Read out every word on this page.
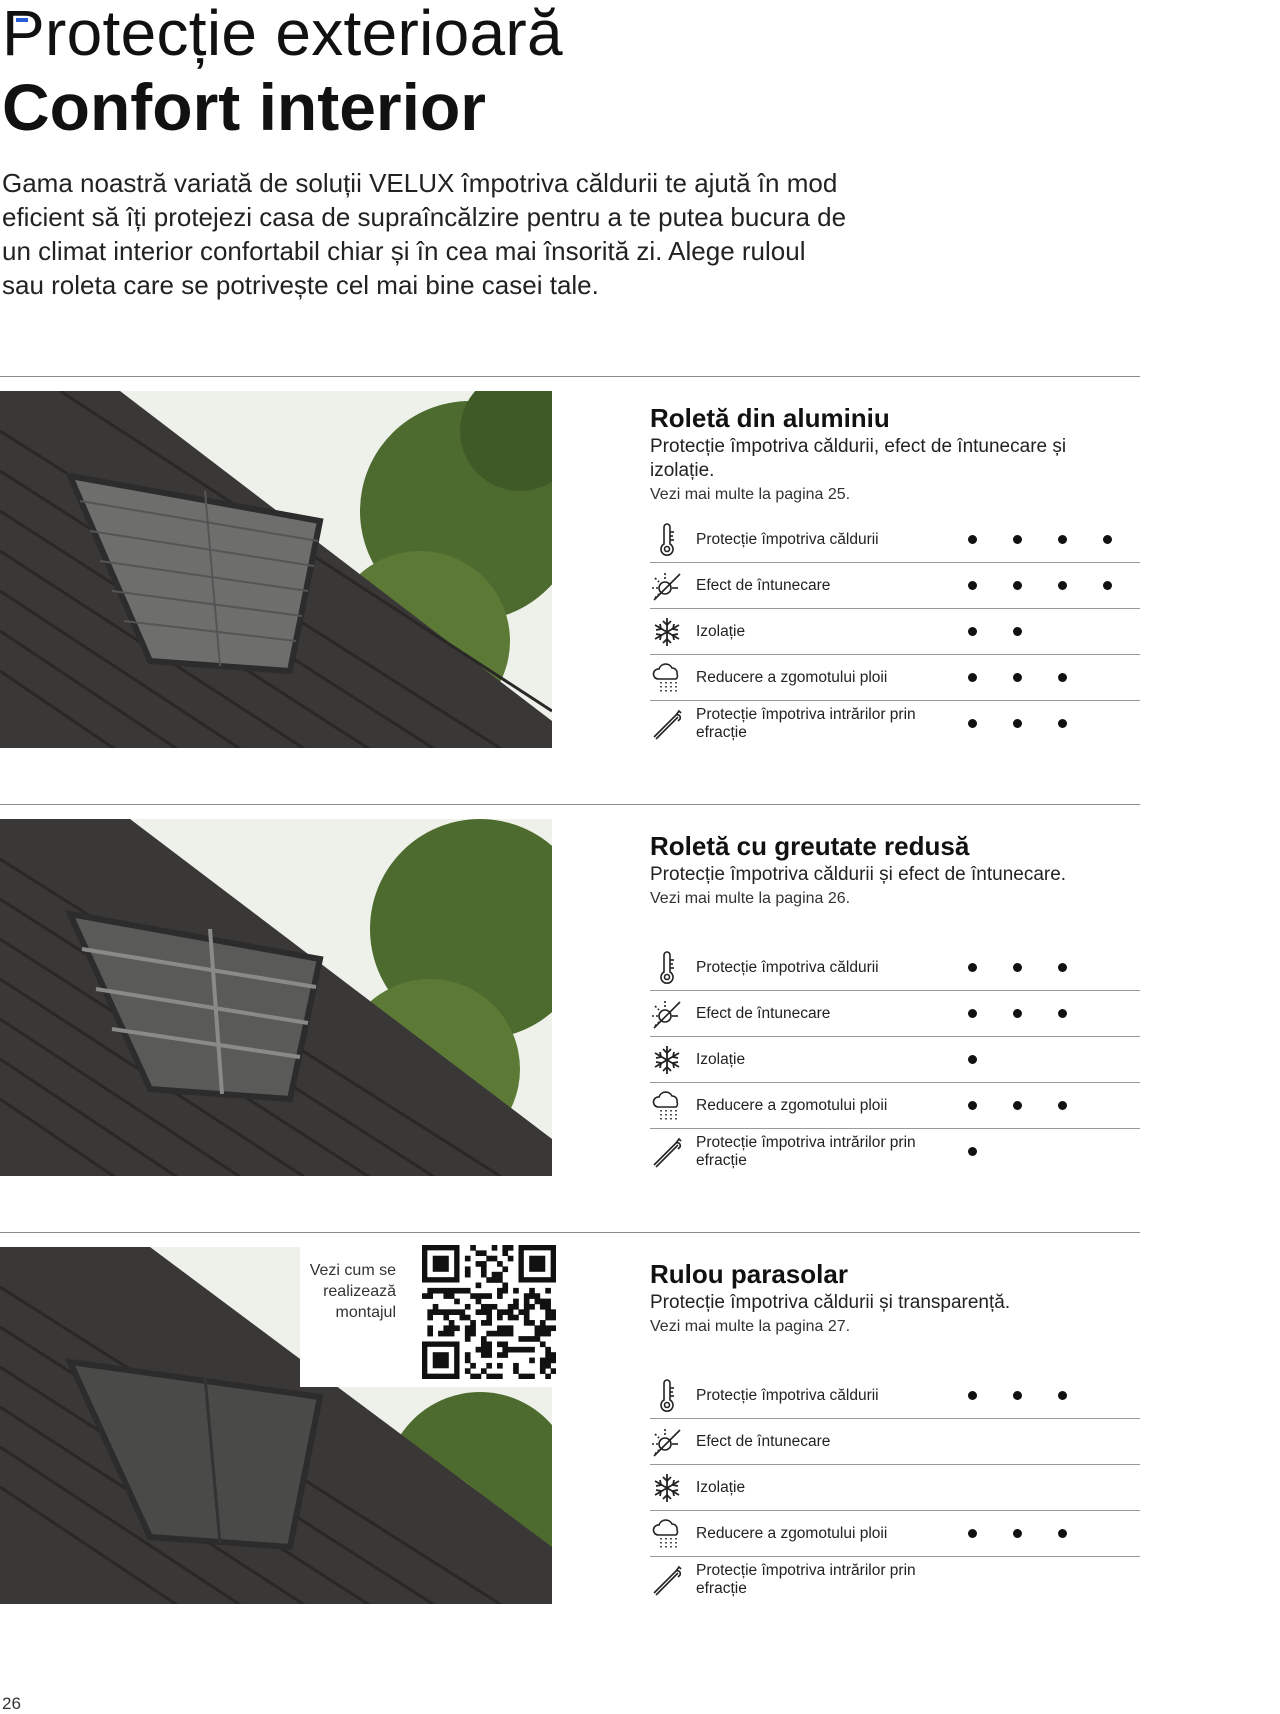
Protecție exterioară
Confort interior
Gama noastră variată de soluții VELUX împotriva căldurii te ajută în mod eficient să îți protejezi casa de supraîncălzire pentru a te putea bucura de un climat interior confortabil chiar și în cea mai însorită zi. Alege ruloul sau roleta care se potrivește cel mai bine casei tale.
Roletă din aluminiu
Protecție împotriva căldurii, efect de întunecare și izolație.
Vezi mai multe la pagina 25.
Protecție împotriva căldurii
Efect de întunecare
Izolație
Reducere a zgomotului ploii
Protecție împotriva intrărilor prin efracție
Roletă cu greutate redusă
Protecție împotriva căldurii și efect de întunecare.
Vezi mai multe la pagina 26.
Protecție împotriva căldurii
Efect de întunecare
Izolație
Reducere a zgomotului ploii
Protecție împotriva intrărilor prin efracție
Rulou parasolar
Protecție împotriva căldurii și transparență.
Vezi mai multe la pagina 27.
Protecție împotriva căldurii
Efect de întunecare
Izolație
Reducere a zgomotului ploii
Protecție împotriva intrărilor prin efracție
Vezi cum se realizează montajul
26
